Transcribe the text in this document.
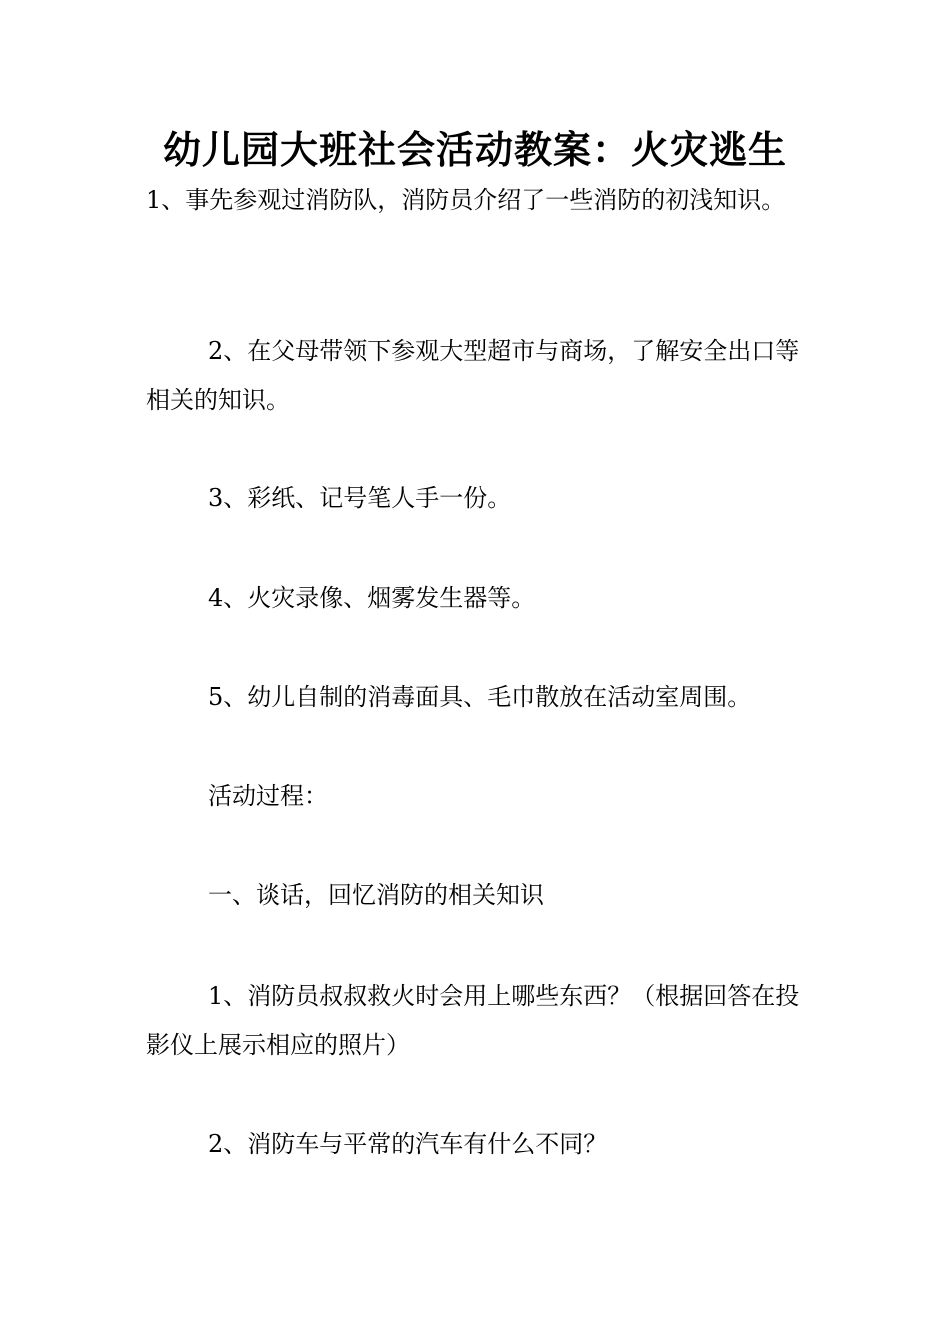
幼儿园大班社会活动教案：火灾逃生

1、事先参观过消防队，消防员介绍了一些消防的初浅知识。

2、在父母带领下参观大型超市与商场，了解安全出口等相关的知识。

3、彩纸、记号笔人手一份。

4、火灾录像、烟雾发生器等。

5、幼儿自制的消毒面具、毛巾散放在活动室周围。

活动过程：

一、谈话，回忆消防的相关知识

1、消防员叔叔救火时会用上哪些东西？（根据回答在投影仪上展示相应的照片）

2、消防车与平常的汽车有什么不同？
